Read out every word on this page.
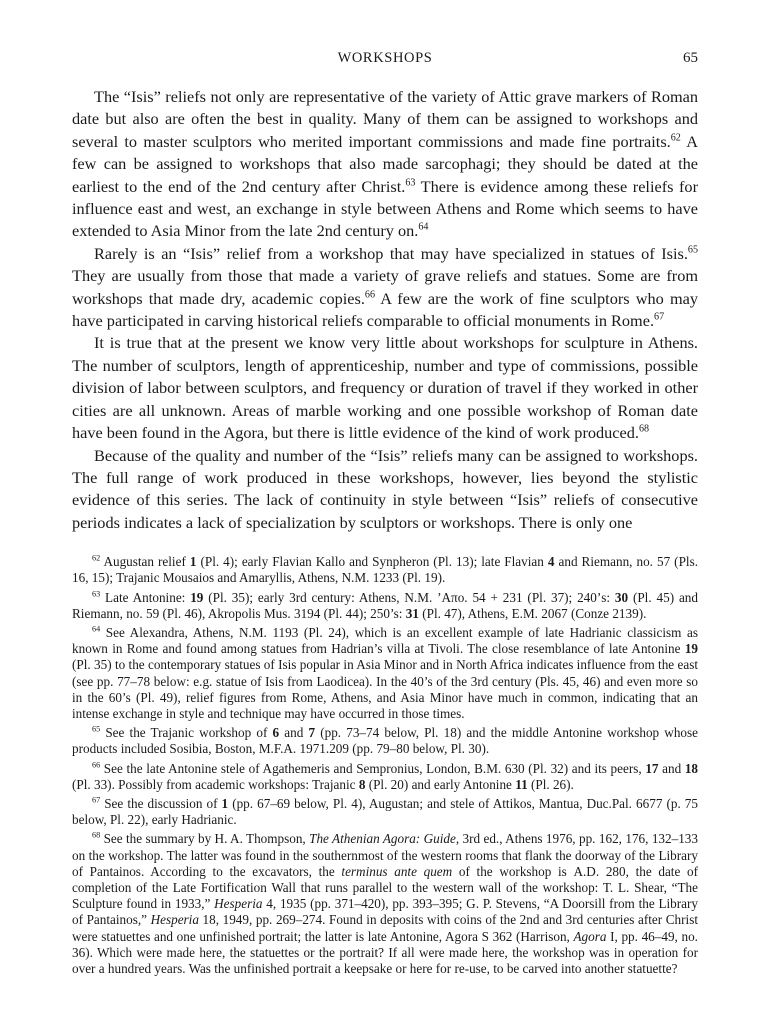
WORKSHOPS	65

The “Isis” reliefs not only are representative of the variety of Attic grave markers of Roman date but also are often the best in quality. Many of them can be assigned to workshops and several to master sculptors who merited important commissions and made fine portraits.$^{62}$ A few can be assigned to workshops that also made sarcophagi; they should be dated at the earliest to the end of the 2nd century after Christ.$^{63}$ There is evidence among these reliefs for influence east and west, an exchange in style between Athens and Rome which seems to have extended to Asia Minor from the late 2nd century on.$^{64}$

Rarely is an “Isis” relief from a workshop that may have specialized in statues of Isis.$^{65}$ They are usually from those that made a variety of grave reliefs and statues. Some are from workshops that made dry, academic copies.$^{66}$ A few are the work of fine sculptors who may have participated in carving historical reliefs comparable to official monuments in Rome.$^{67}$

It is true that at the present we know very little about workshops for sculpture in Athens. The number of sculptors, length of apprenticeship, number and type of commissions, possible division of labor between sculptors, and frequency or duration of travel if they worked in other cities are all unknown. Areas of marble working and one possible workshop of Roman date have been found in the Agora, but there is little evidence of the kind of work produced.$^{68}$

Because of the quality and number of the “Isis” reliefs many can be assigned to workshops. The full range of work produced in these workshops, however, lies beyond the stylistic evidence of this series. The lack of continuity in style between “Isis” reliefs of consecutive periods indicates a lack of specialization by sculptors or workshops. There is only one

$^{62}$ Augustan relief 1 (Pl. 4); early Flavian Kallo and Synpheron (Pl. 13); late Flavian 4 and Riemann, no. 57 (Pls. 16, 15); Trajanic Mousaios and Amaryllis, Athens, N.M. 1233 (Pl. 19).

$^{63}$ Late Antonine: 19 (Pl. 35); early 3rd century: Athens, N.M. ’Απο. 54 + 231 (Pl. 37); 240’s: 30 (Pl. 45) and Riemann, no. 59 (Pl. 46), Akropolis Mus. 3194 (Pl. 44); 250’s: 31 (Pl. 47), Athens, E.M. 2067 (Conze 2139).

$^{64}$ See Alexandra, Athens, N.M. 1193 (Pl. 24), which is an excellent example of late Hadrianic classicism as known in Rome and found among statues from Hadrian’s villa at Tivoli. The close resemblance of late Antonine 19 (Pl. 35) to the contemporary statues of Isis popular in Asia Minor and in North Africa indicates influence from the east (see pp. 77–78 below: e.g. statue of Isis from Laodicea). In the 40’s of the 3rd century (Pls. 45, 46) and even more so in the 60’s (Pl. 49), relief figures from Rome, Athens, and Asia Minor have much in common, indicating that an intense exchange in style and technique may have occurred in those times.

$^{65}$ See the Trajanic workshop of 6 and 7 (pp. 73–74 below, Pl. 18) and the middle Antonine workshop whose products included Sosibia, Boston, M.F.A. 1971.209 (pp. 79–80 below, Pl. 30).

$^{66}$ See the late Antonine stele of Agathemeris and Sempronius, London, B.M. 630 (Pl. 32) and its peers, 17 and 18 (Pl. 33). Possibly from academic workshops: Trajanic 8 (Pl. 20) and early Antonine 11 (Pl. 26).

$^{67}$ See the discussion of 1 (pp. 67–69 below, Pl. 4), Augustan; and stele of Attikos, Mantua, Duc.Pal. 6677 (p. 75 below, Pl. 22), early Hadrianic.

$^{68}$ See the summary by H. A. Thompson, The Athenian Agora: Guide, 3rd ed., Athens 1976, pp. 162, 176, 132–133 on the workshop. The latter was found in the southernmost of the western rooms that flank the doorway of the Library of Pantainos. According to the excavators, the terminus ante quem of the workshop is A.D. 280, the date of completion of the Late Fortification Wall that runs parallel to the western wall of the workshop: T. L. Shear, “The Sculpture found in 1933,” Hesperia 4, 1935 (pp. 371–420), pp. 393–395; G. P. Stevens, “A Doorsill from the Library of Pantainos,” Hesperia 18, 1949, pp. 269–274. Found in deposits with coins of the 2nd and 3rd centuries after Christ were statuettes and one unfinished portrait; the latter is late Antonine, Agora S 362 (Harrison, Agora I, pp. 46–49, no. 36). Which were made here, the statuettes or the portrait? If all were made here, the workshop was in operation for over a hundred years. Was the unfinished portrait a keepsake or here for re-use, to be carved into another statuette?
